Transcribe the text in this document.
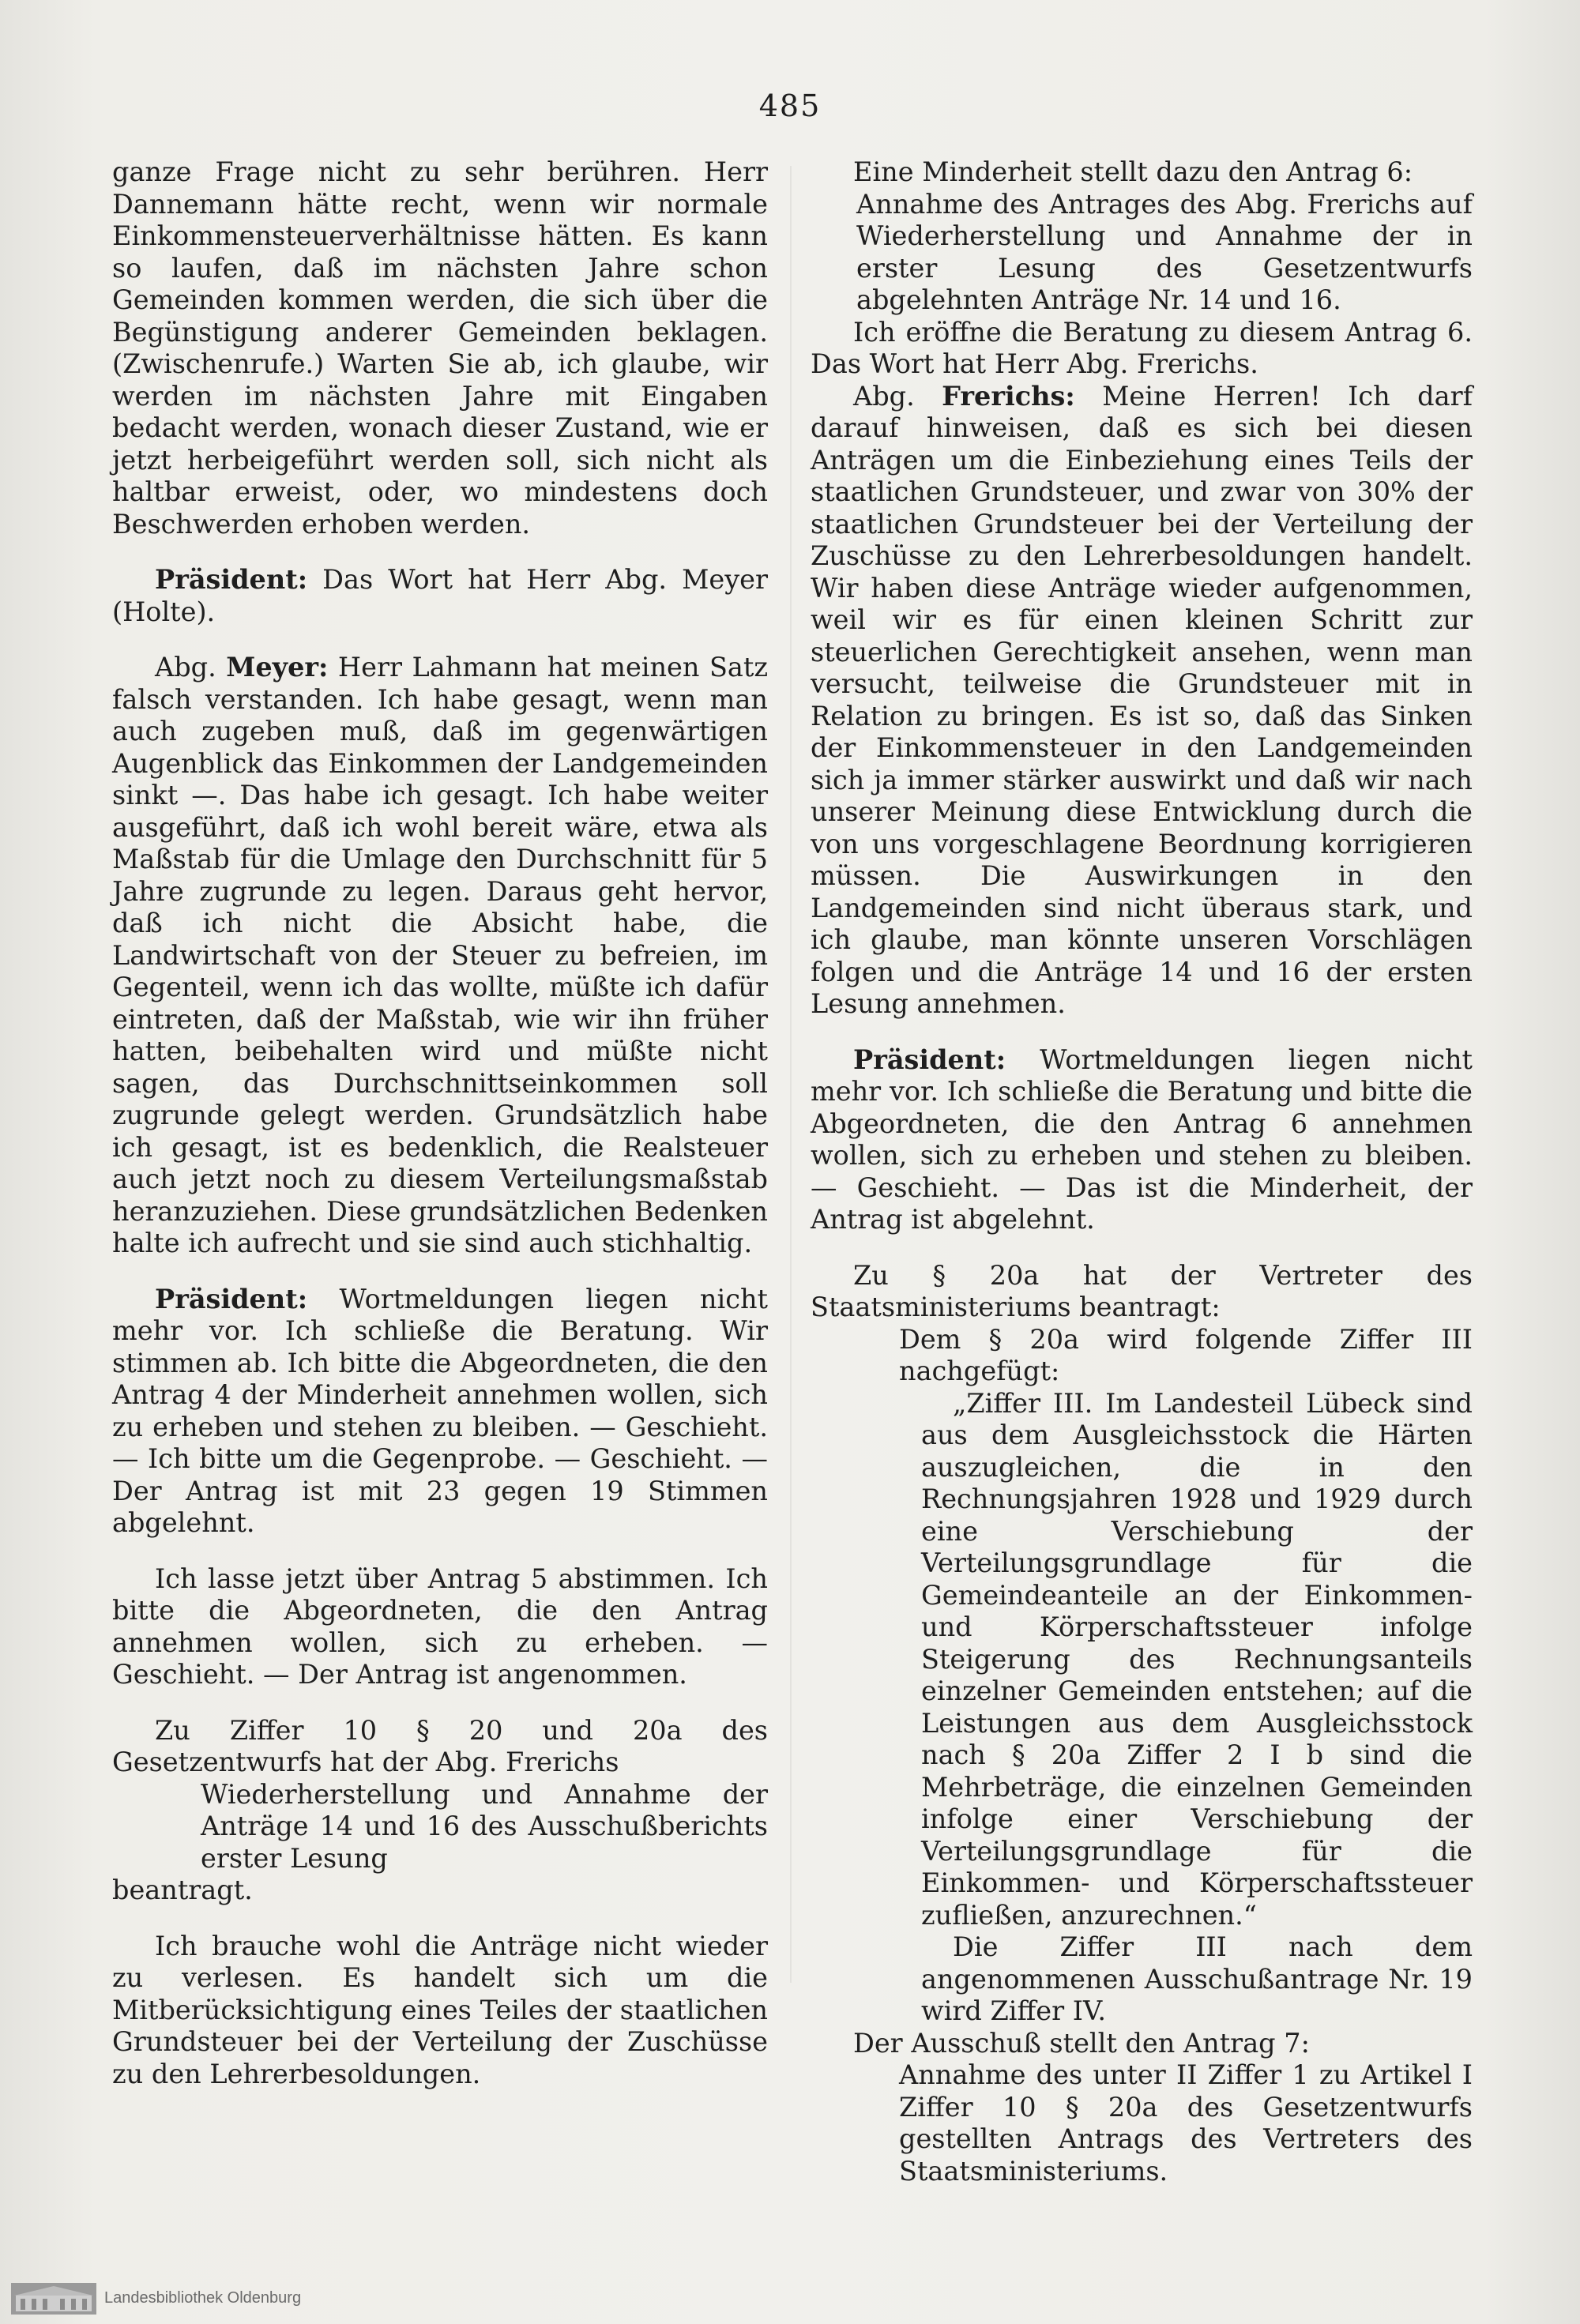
485

ganze Frage nicht zu sehr berühren. Herr Dannemann hätte recht, wenn wir normale Einkommensteuerverhältnisse hätten. Es kann so laufen, daß im nächsten Jahre schon Gemeinden kommen werden, die sich über die Begünstigung anderer Gemeinden beklagen. (Zwischenrufe.) Warten Sie ab, ich glaube, wir werden im nächsten Jahre mit Eingaben bedacht werden, wonach dieser Zustand, wie er jetzt herbeigeführt werden soll, sich nicht als haltbar erweist, oder, wo mindestens doch Beschwerden erhoben werden.

Präsident: Das Wort hat Herr Abg. Meyer (Holte).

Abg. Meyer: Herr Lahmann hat meinen Satz falsch verstanden. Ich habe gesagt, wenn man auch zugeben muß, daß im gegenwärtigen Augenblick das Einkommen der Landgemeinden sinkt —. Das habe ich gesagt. Ich habe weiter ausgeführt, daß ich wohl bereit wäre, etwa als Maßstab für die Umlage den Durchschnitt für 5 Jahre zugrunde zu legen. Daraus geht hervor, daß ich nicht die Absicht habe, die Landwirtschaft von der Steuer zu befreien, im Gegenteil, wenn ich das wollte, müßte ich dafür eintreten, daß der Maßstab, wie wir ihn früher hatten, beibehalten wird und müßte nicht sagen, das Durchschnittseinkommen soll zugrunde gelegt werden. Grundsätzlich habe ich gesagt, ist es bedenklich, die Realsteuer auch jetzt noch zu diesem Verteilungsmaßstab heranzuziehen. Diese grundsätzlichen Bedenken halte ich aufrecht und sie sind auch stichhaltig.

Präsident: Wortmeldungen liegen nicht mehr vor. Ich schließe die Beratung. Wir stimmen ab. Ich bitte die Abgeordneten, die den Antrag 4 der Minderheit annehmen wollen, sich zu erheben und stehen zu bleiben. — Geschieht. — Ich bitte um die Gegenprobe. — Geschieht. — Der Antrag ist mit 23 gegen 19 Stimmen abgelehnt.

Ich lasse jetzt über Antrag 5 abstimmen. Ich bitte die Abgeordneten, die den Antrag annehmen wollen, sich zu erheben. — Geschieht. — Der Antrag ist angenommen.

Zu Ziffer 10 § 20 und 20a des Gesetzentwurfs hat der Abg. Frerichs

Wiederherstellung und Annahme der Anträge 14 und 16 des Ausschußberichts erster Lesung

beantragt.

Ich brauche wohl die Anträge nicht wieder zu verlesen. Es handelt sich um die Mitberücksichtigung eines Teiles der staatlichen Grundsteuer bei der Verteilung der Zuschüsse zu den Lehrerbesoldungen.

Eine Minderheit stellt dazu den Antrag 6:

Annahme des Antrages des Abg. Frerichs auf Wiederherstellung und Annahme der in erster Lesung des Gesetzentwurfs abgelehnten Anträge Nr. 14 und 16.

Ich eröffne die Beratung zu diesem Antrag 6. Das Wort hat Herr Abg. Frerichs.

Abg. Frerichs: Meine Herren! Ich darf darauf hinweisen, daß es sich bei diesen Anträgen um die Einbeziehung eines Teils der staatlichen Grundsteuer, und zwar von 30% der staatlichen Grundsteuer bei der Verteilung der Zuschüsse zu den Lehrerbesoldungen handelt. Wir haben diese Anträge wieder aufgenommen, weil wir es für einen kleinen Schritt zur steuerlichen Gerechtigkeit ansehen, wenn man versucht, teilweise die Grundsteuer mit in Relation zu bringen. Es ist so, daß das Sinken der Einkommensteuer in den Landgemeinden sich ja immer stärker auswirkt und daß wir nach unserer Meinung diese Entwicklung durch die von uns vorgeschlagene Beordnung korrigieren müssen. Die Auswirkungen in den Landgemeinden sind nicht überaus stark, und ich glaube, man könnte unseren Vorschlägen folgen und die Anträge 14 und 16 der ersten Lesung annehmen.

Präsident: Wortmeldungen liegen nicht mehr vor. Ich schließe die Beratung und bitte die Abgeordneten, die den Antrag 6 annehmen wollen, sich zu erheben und stehen zu bleiben. — Geschieht. — Das ist die Minderheit, der Antrag ist abgelehnt.

Zu § 20a hat der Vertreter des Staatsministeriums beantragt:

Dem § 20a wird folgende Ziffer III nachgefügt:

„Ziffer III. Im Landesteil Lübeck sind aus dem Ausgleichsstock die Härten auszugleichen, die in den Rechnungsjahren 1928 und 1929 durch eine Verschiebung der Verteilungsgrundlage für die Gemeindeanteile an der Einkommen- und Körperschaftssteuer infolge Steigerung des Rechnungsanteils einzelner Gemeinden entstehen; auf die Leistungen aus dem Ausgleichsstock nach § 20a Ziffer 2 I b sind die Mehrbeträge, die einzelnen Gemeinden infolge einer Verschiebung der Verteilungsgrundlage für die Einkommen- und Körperschaftssteuer zufließen, anzurechnen.“

Die Ziffer III nach dem angenommenen Ausschußantrage Nr. 19 wird Ziffer IV.

Der Ausschuß stellt den Antrag 7:

Annahme des unter II Ziffer 1 zu Artikel I Ziffer 10 § 20a des Gesetzentwurfs gestellten Antrags des Vertreters des Staatsministeriums.

Landesbibliothek Oldenburg
